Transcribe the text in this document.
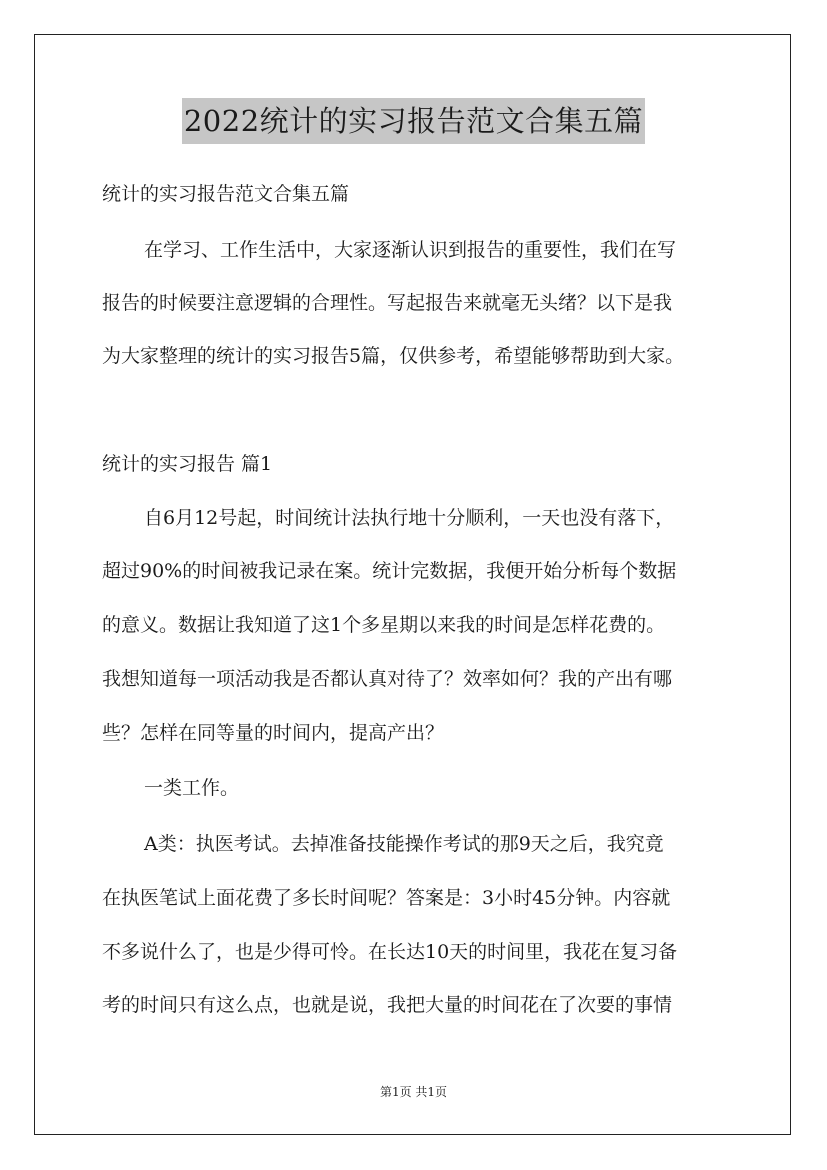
2022统计的实习报告范文合集五篇
统计的实习报告范文合集五篇
在学习、工作生活中，大家逐渐认识到报告的重要性，我们在写
报告的时候要注意逻辑的合理性。写起报告来就毫无头绪？以下是我
为大家整理的统计的实习报告5篇，仅供参考，希望能够帮助到大家。
统计的实习报告 篇1
自6月12号起，时间统计法执行地十分顺利，一天也没有落下，
超过90%的时间被我记录在案。统计完数据，我便开始分析每个数据
的意义。数据让我知道了这1个多星期以来我的时间是怎样花费的。
我想知道每一项活动我是否都认真对待了？效率如何？我的产出有哪
些？怎样在同等量的时间内，提高产出？
一类工作。
A类：执医考试。去掉准备技能操作考试的那9天之后，我究竟
在执医笔试上面花费了多长时间呢？答案是：3小时45分钟。内容就
不多说什么了，也是少得可怜。在长达10天的时间里，我花在复习备
考的时间只有这么点，也就是说，我把大量的时间花在了次要的事情
第1页 共1页
